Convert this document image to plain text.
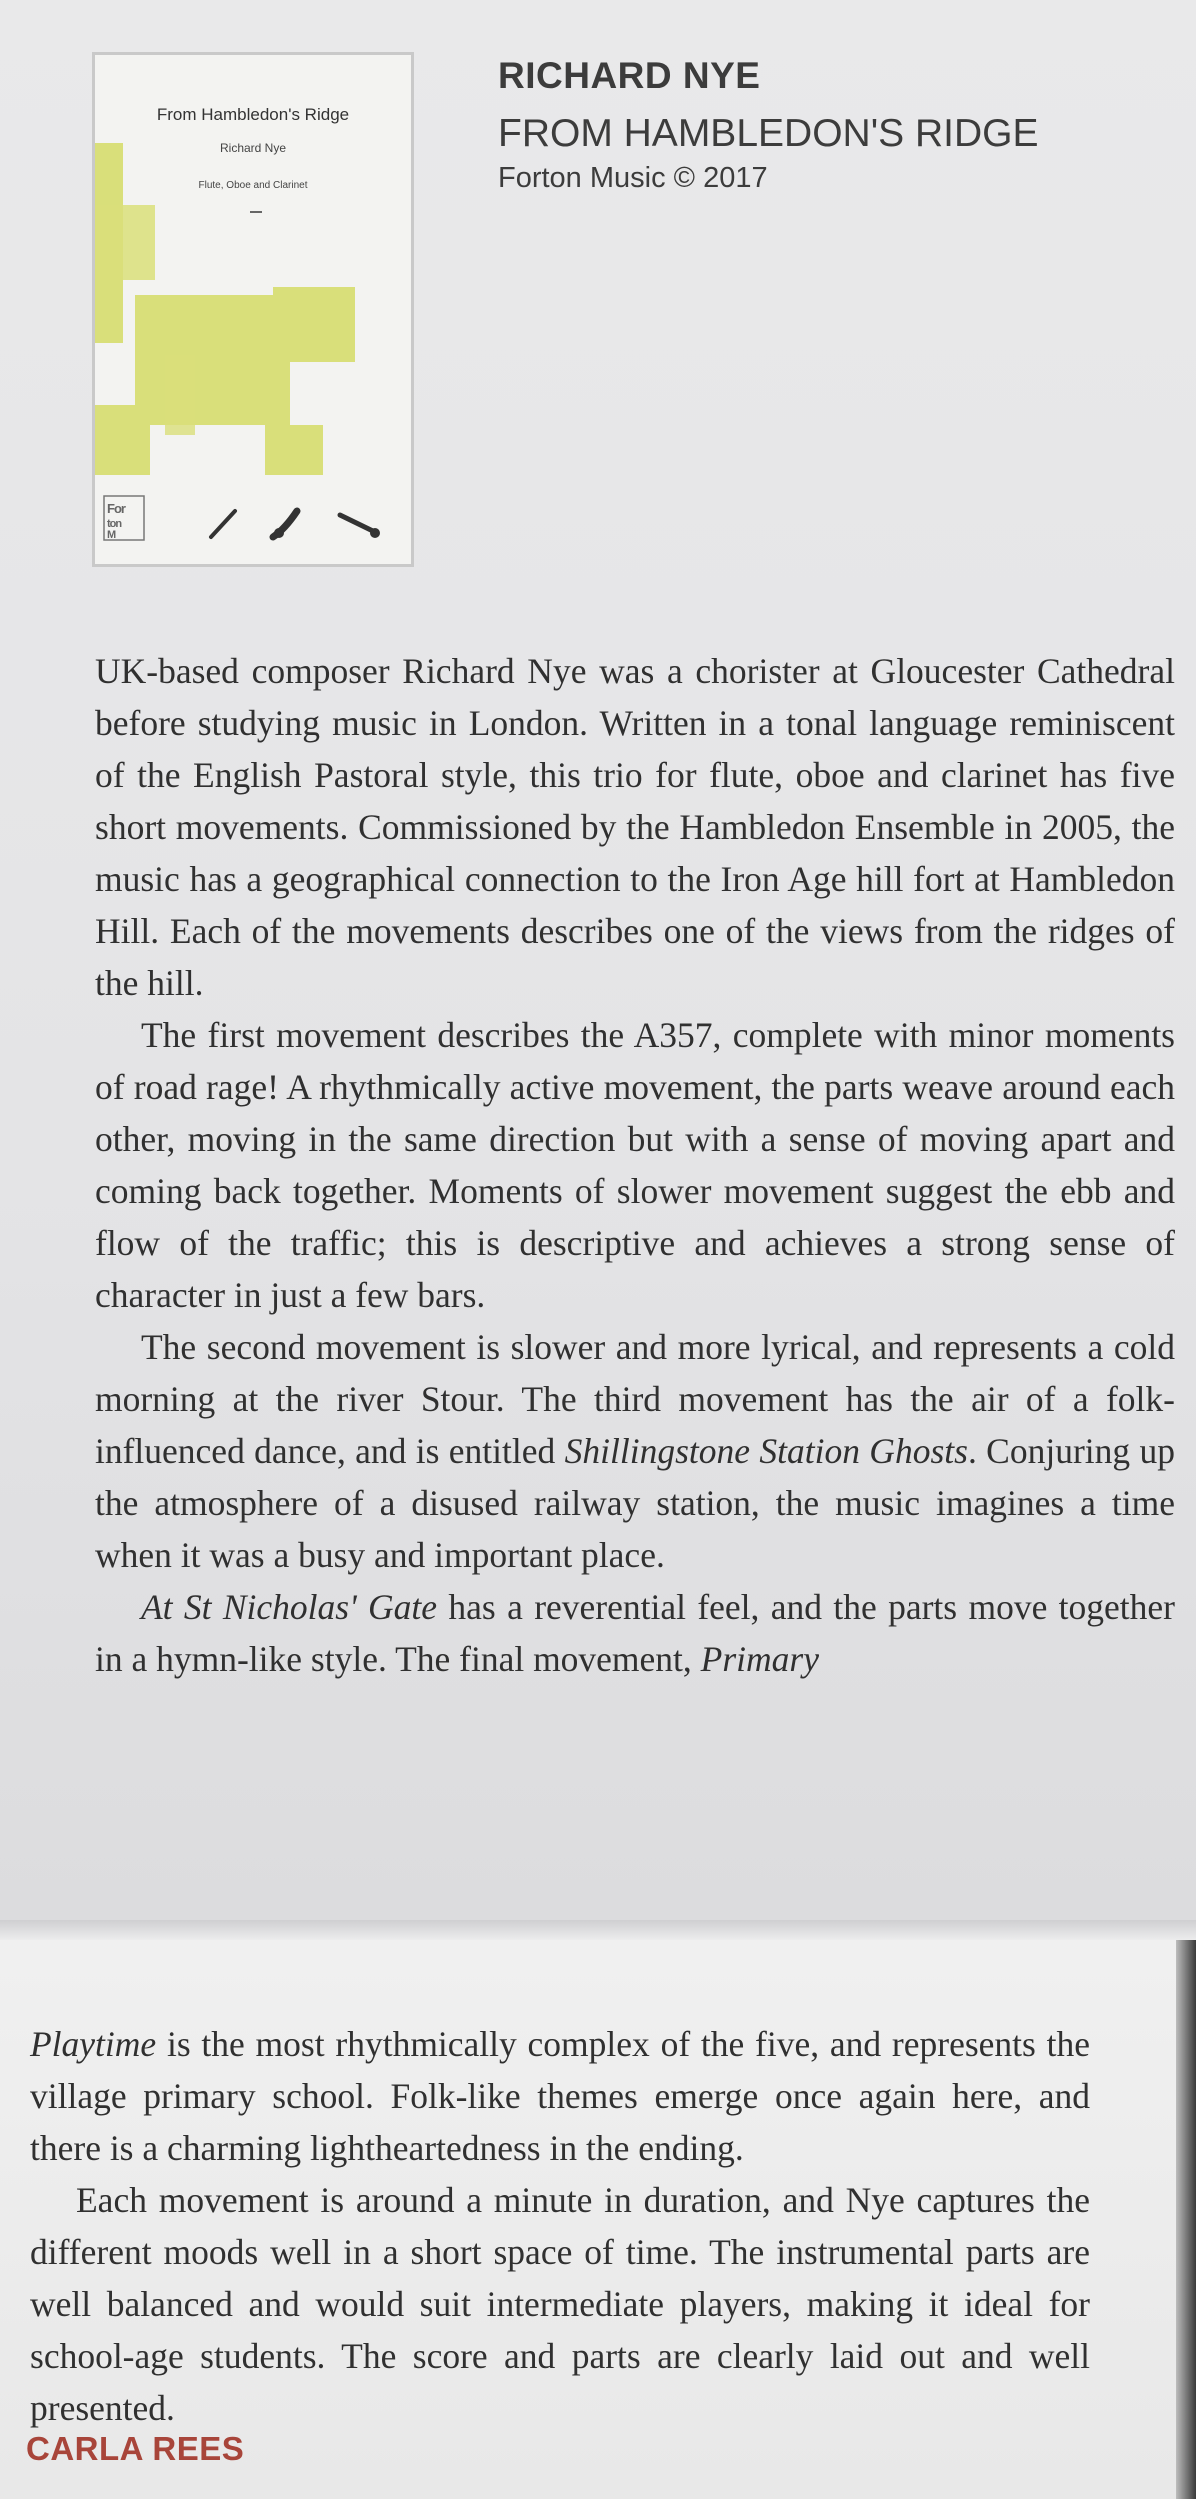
From Hambledon's Ridge
Richard Nye
Flute, Oboe and Clarinet
For
ton
M
RICHARD NYE
FROM HAMBLEDON'S RIDGE
Forton Music © 2017

UK-based composer Richard Nye was a chorister at Gloucester Cathedral before studying music in London. Written in a tonal language reminiscent of the English Pastoral style, this trio for flute, oboe and clarinet has five short movements. Commissioned by the Hambledon Ensemble in 2005, the music has a geographical connection to the Iron Age hill fort at Hambledon Hill. Each of the movements describes one of the views from the ridges of the hill.

The first movement describes the A357, complete with minor moments of road rage! A rhythmically active movement, the parts weave around each other, moving in the same direction but with a sense of moving apart and coming back together. Moments of slower movement suggest the ebb and flow of the traffic; this is descriptive and achieves a strong sense of character in just a few bars.

The second movement is slower and more lyrical, and represents a cold morning at the river Stour. The third movement has the air of a folk-influenced dance, and is entitled Shillingstone Station Ghosts. Conjuring up the atmosphere of a disused railway station, the music imagines a time when it was a busy and important place.

At St Nicholas' Gate has a reverential feel, and the parts move together in a hymn-like style. The final movement, Primary

Playtime is the most rhythmically complex of the five, and represents the village primary school. Folk-like themes emerge once again here, and there is a charming lightheartedness in the ending.

Each movement is around a minute in duration, and Nye captures the different moods well in a short space of time. The instrumental parts are well balanced and would suit intermediate players, making it ideal for school-age students. The score and parts are clearly laid out and well presented.

CARLA REES
